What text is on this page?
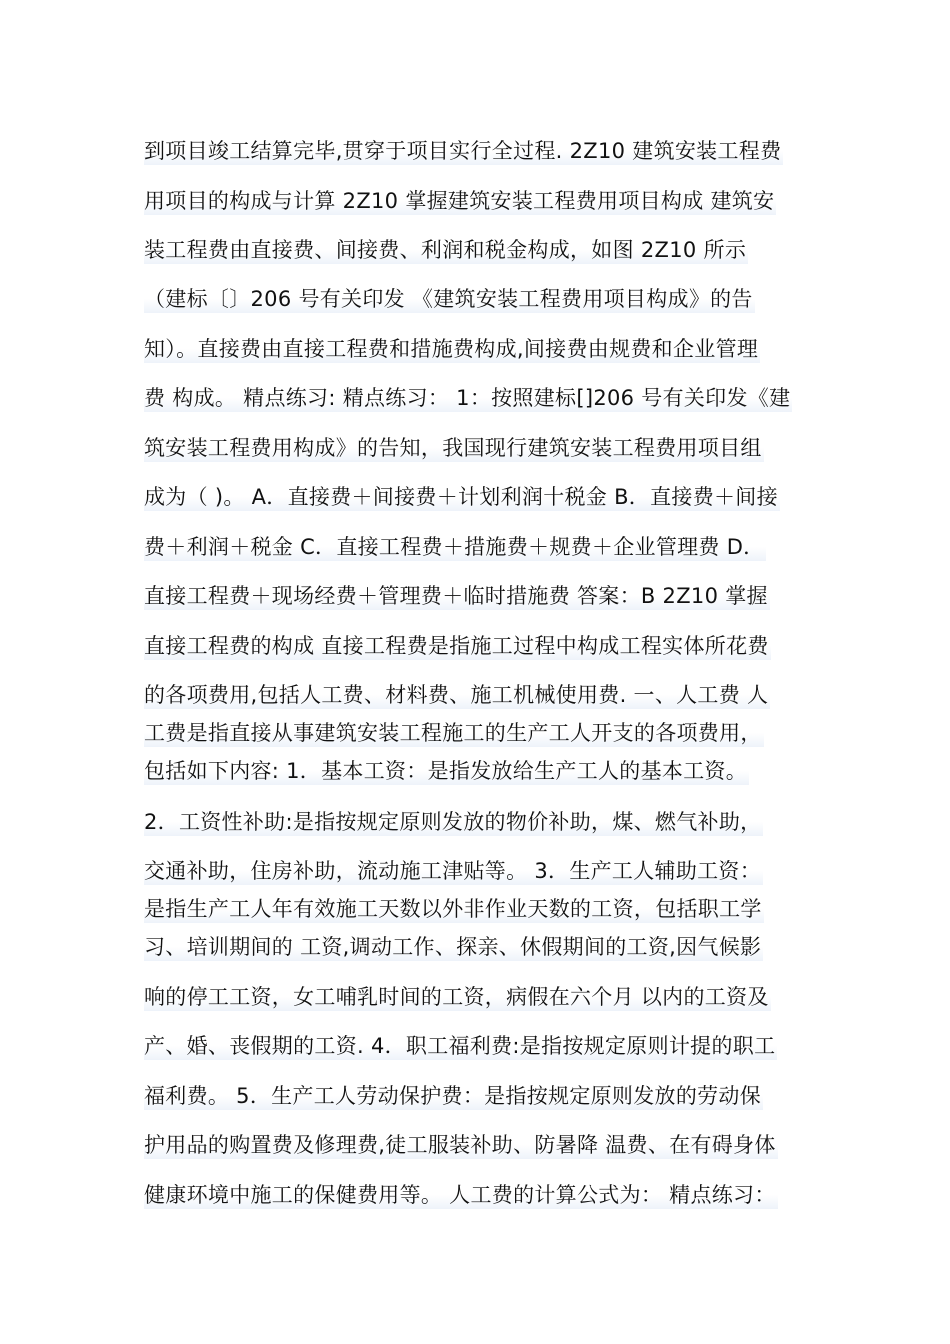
到项目竣工结算完毕,贯穿于项目实行全过程. 2Z10 建筑安装工程费
用项目的构成与计算 2Z10 掌握建筑安装工程费用项目构成 建筑安
装工程费由直接费、间接费、利润和税金构成，如图 2Z10 所示
（建标〔〕206 号有关印发 《建筑安装工程费用项目构成》的告
知）。直接费由直接工程费和措施费构成,间接费由规费和企业管理
费 构成。 精点练习: 精点练习： 1：按照建标[]206 号有关印发《建
筑安装工程费用构成》的告知，我国现行建筑安装工程费用项目组
成为（ )。 A．直接费＋间接费＋计划利润十税金 B．直接费＋间接
费＋利润＋税金 C．直接工程费＋措施费＋规费＋企业管理费 D．
直接工程费＋现场经费＋管理费＋临时措施费 答案：B 2Z10 掌握
直接工程费的构成 直接工程费是指施工过程中构成工程实体所花费
的各项费用,包括人工费、材料费、施工机械使用费. 一、人工费 人
工费是指直接从事建筑安装工程施工的生产工人开支的各项费用，
包括如下内容: 1．基本工资：是指发放给生产工人的基本工资。
2．工资性补助:是指按规定原则发放的物价补助，煤、燃气补助，
交通补助，住房补助，流动施工津贴等。 3．生产工人辅助工资：
是指生产工人年有效施工天数以外非作业天数的工资，包括职工学
习、培训期间的 工资,调动工作、探亲、休假期间的工资,因气候影
响的停工工资，女工哺乳时间的工资，病假在六个月 以内的工资及
产、婚、丧假期的工资. 4．职工福利费:是指按规定原则计提的职工
福利费。 5．生产工人劳动保护费：是指按规定原则发放的劳动保
护用品的购置费及修理费,徒工服装补助、防暑降 温费、在有碍身体
健康环境中施工的保健费用等。 人工费的计算公式为： 精点练习：
